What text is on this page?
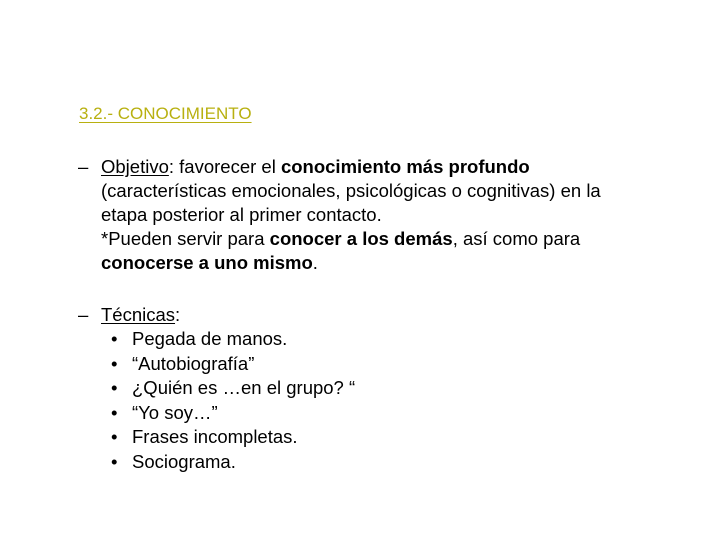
3.2.- CONOCIMIENTO
– Objetivo: favorecer el conocimiento más profundo (características emocionales, psicológicas o cognitivas) en la etapa posterior al primer contacto.
*Pueden servir para conocer a los demás, así como para conocerse a uno mismo.
– Técnicas:
• Pegada de manos.
• “Autobiografía”
• ¿Quién es …en el grupo? “
• “Yo soy…”
• Frases incompletas.
• Sociograma.
